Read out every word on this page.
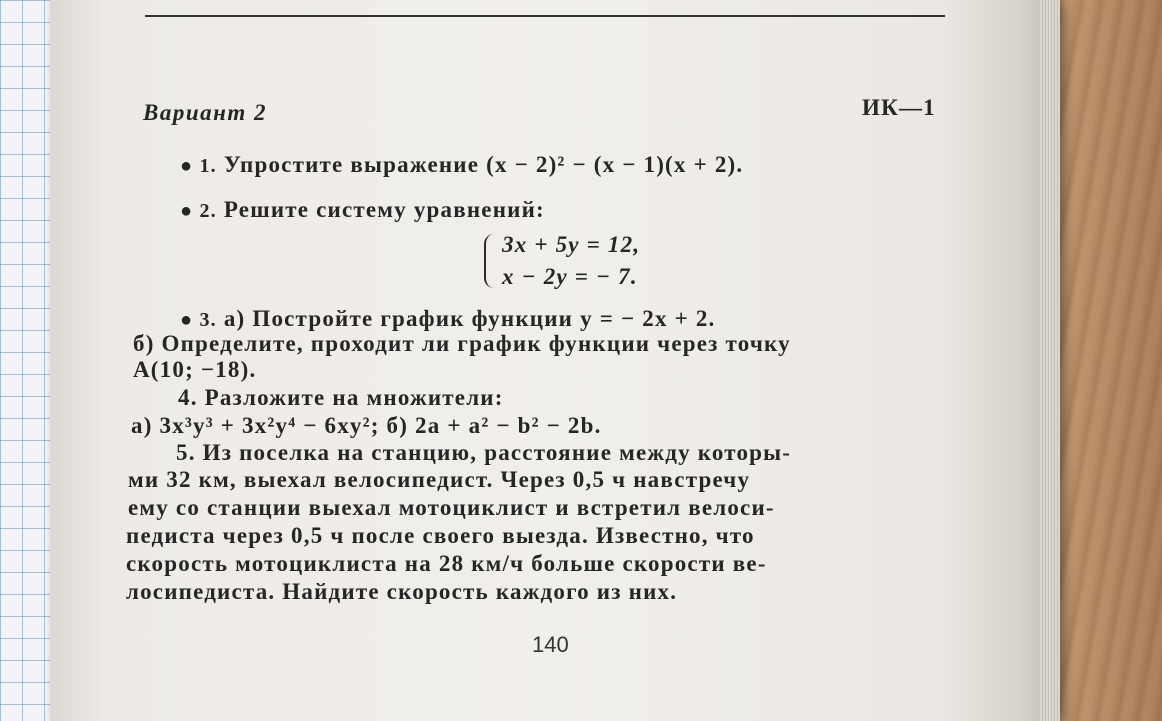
Вариант 2	ИК—1
● 1. Упростите выражение (x − 2)² − (x − 1)(x + 2).
● 2. Решите систему уравнений:
3x + 5y = 12,
x − 2y = − 7.
● 3. а) Постройте график функции y = − 2x + 2.
б) Определите, проходит ли график функции через точку
A(10; −18).
4. Разложите на множители:
а) 3x³y³ + 3x²y⁴ − 6xy²; б) 2a + a² − b² − 2b.
5. Из поселка на станцию, расстояние между которы-
ми 32 км, выехал велосипедист. Через 0,5 ч навстречу
ему со станции выехал мотоциклист и встретил велоси-
педиста через 0,5 ч после своего выезда. Известно, что
скорость мотоциклиста на 28 км/ч больше скорости ве-
лосипедиста. Найдите скорость каждого из них.
140
